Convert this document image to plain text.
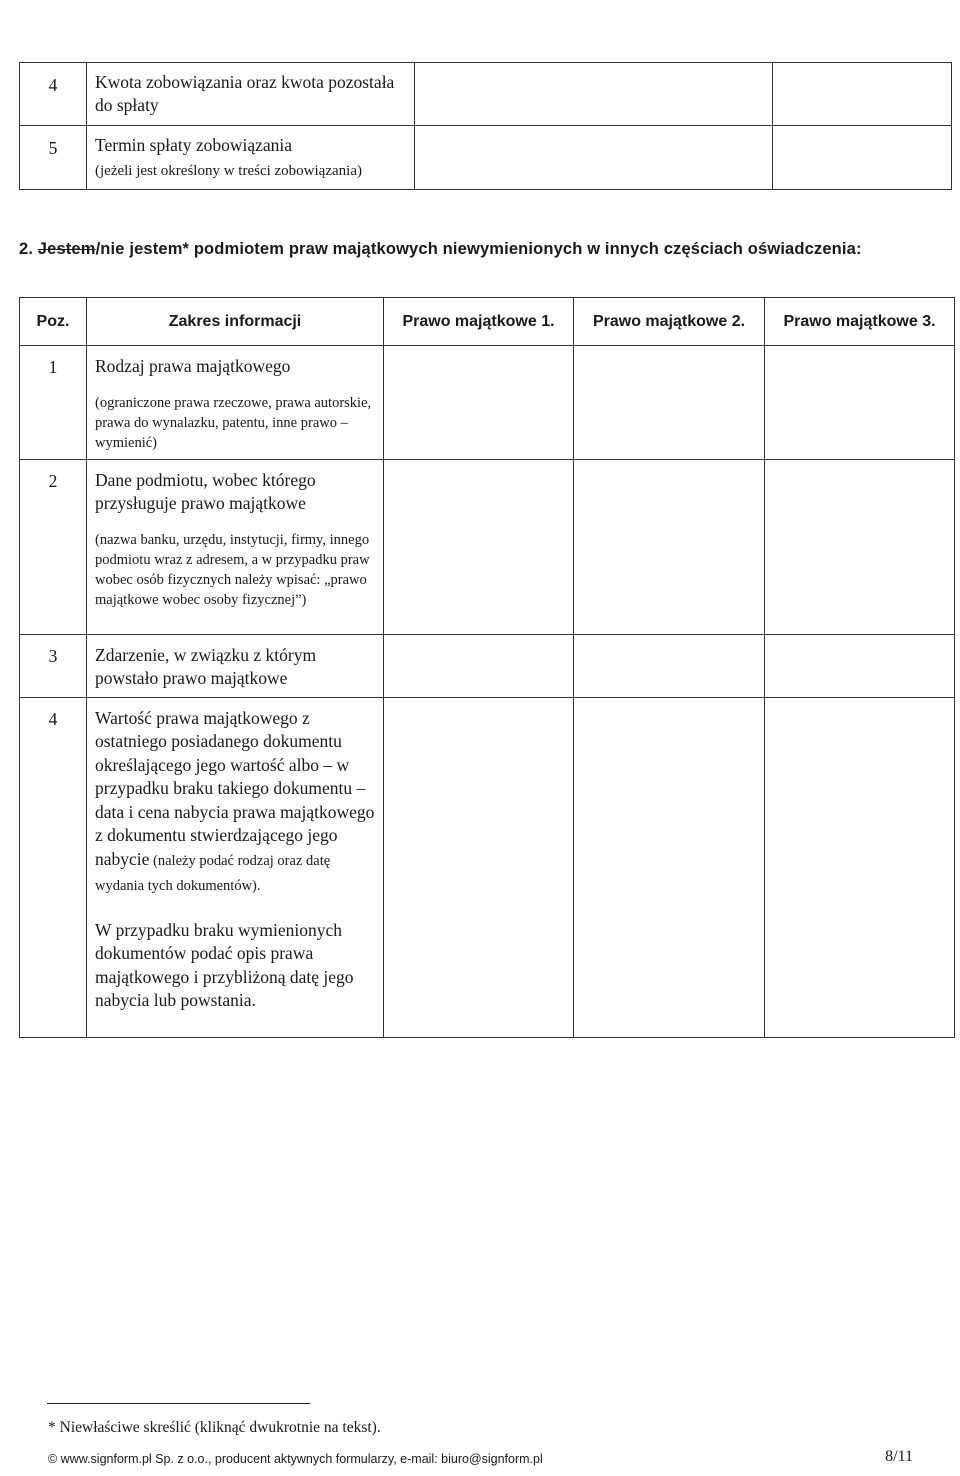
4	Kwota zobowiązania oraz kwota pozostała do spłaty		
5	Termin spłaty zobowiązania
(jeżeli jest określony w treści zobowiązania)		

2. Jestem/nie jestem* podmiotem praw majątkowych niewymienionych w innych częściach oświadczenia:
Poz.	Zakres informacji	Prawo majątkowe 1.	Prawo majątkowe 2.	Prawo majątkowe 3.
1	Rodzaj prawa majątkowego
(ograniczone prawa rzeczowe, prawa autorskie, prawa do wynalazku, patentu, inne prawo – wymienić)			

2	Dane podmiotu, wobec którego przysługuje prawo majątkowe
(nazwa banku, urzędu, instytucji, firmy, innego podmiotu wraz z adresem, a w przypadku praw wobec osób fizycznych należy wpisać: „prawo majątkowe wobec osoby fizycznej”)			

3	Zdarzenie, w związku z którym powstało prawo majątkowe			
4	Wartość prawa majątkowego z ostatniego posiadanego dokumentu określającego jego wartość albo – w przypadku braku takiego dokumentu – data i cena nabycia prawa majątkowego z dokumentu stwierdzającego jego nabycie (należy podać rodzaj oraz datę wydania tych dokumentów).
W przypadku braku wymienionych dokumentów podać opis prawa majątkowego i przybliżoną datę jego nabycia lub powstania.			

* Niewłaściwe skreślić (kliknąć dwukrotnie na tekst).
© www.signform.pl Sp. z o.o., producent aktywnych formularzy, e-mail: biuro@signform.pl	8/11
